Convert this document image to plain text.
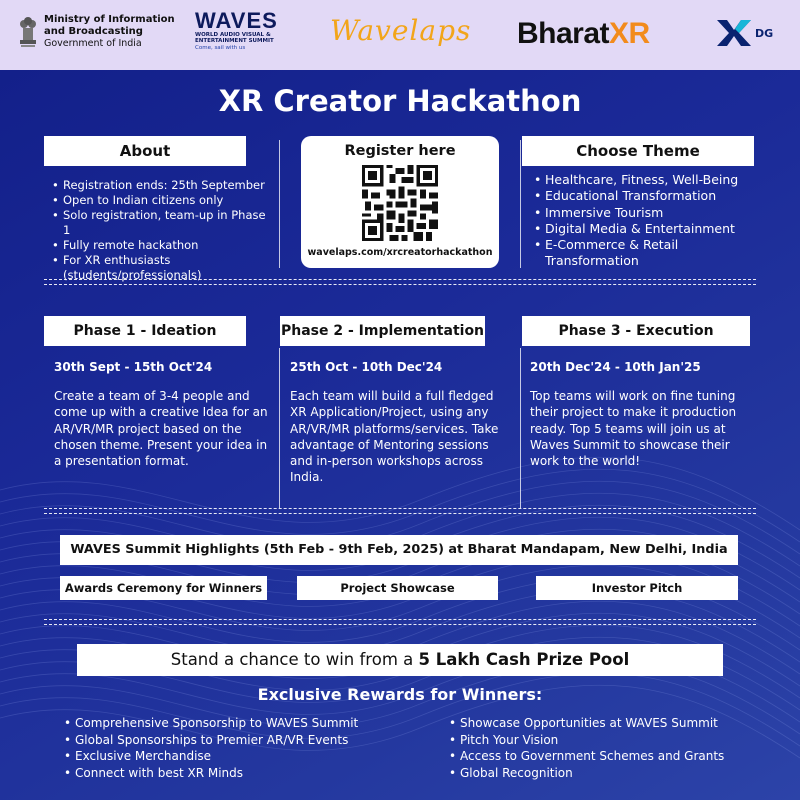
Ministry of Information
and Broadcasting
Government of India
WAVES
WORLD AUDIO VISUAL & ENTERTAINMENT SUMMIT
Come, sail with us
Wavelaps BharatXR	DG
XR Creator Hackathon
About
• Registration ends: 25th September
• Open to Indian citizens only
• Solo registration, team-up in Phase 1
• Fully remote hackathon
• For XR enthusiasts (students/professionals)
Register here
wavelaps.com/xrcreatorhackathon
Choose Theme
• Healthcare, Fitness, Well-Being
• Educational Transformation
• Immersive Tourism
• Digital Media & Entertainment
• E-Commerce & Retail Transformation
Phase 1 - Ideation	Phase 2 - Implementation	Phase 3 - Execution
30th Sept - 15th Oct'24	25th Oct - 10th Dec'24	20th Dec'24 - 10th Jan'25
Create a team of 3-4 people and come up with a creative Idea for an AR/VR/MR project based on the chosen theme. Present your idea in a presentation format.
Each team will build a full fledged XR Application/Project, using any AR/VR/MR platforms/services. Take advantage of Mentoring sessions and in-person workshops across India.
Top teams will work on fine tuning their project to make it production ready. Top 5 teams will join us at Waves Summit to showcase their work to the world!
WAVES Summit Highlights (5th Feb - 9th Feb, 2025) at Bharat Mandapam, New Delhi, India
Awards Ceremony for Winners	Project Showcase	Investor Pitch
Stand a chance to win from a 5 Lakh Cash Prize Pool
Exclusive Rewards for Winners:
• Comprehensive Sponsorship to WAVES Summit
• Global Sponsorships to Premier AR/VR Events
• Exclusive Merchandise
• Connect with best XR Minds
• Showcase Opportunities at WAVES Summit
• Pitch Your Vision
• Access to Government Schemes and Grants
• Global Recognition
